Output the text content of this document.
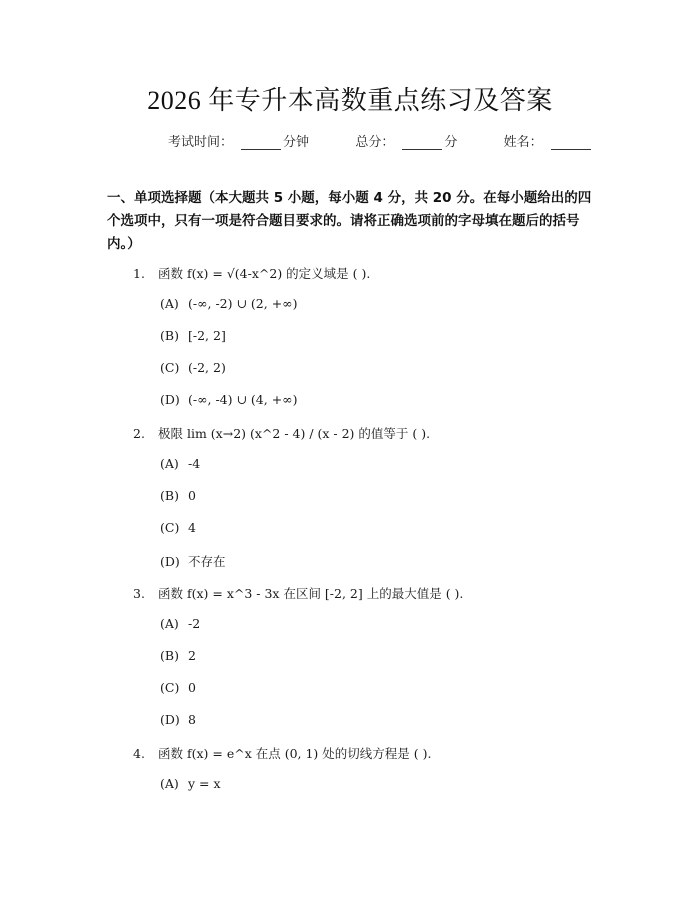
2026 年专升本高数重点练习及答案
考试时间：	分钟	总分：	分	姓名：
一、单项选择题（本大题共 5 小题，每小题 4 分，共 20 分。在每小题给出的四个选项中，只有一项是符合题目要求的。请将正确选项前的字母填在题后的括号内。）
1. 函数 f(x) = √(4-x^2) 的定义域是 ( ).
(A) (-∞, -2) ∪ (2, +∞)
(B) [-2, 2]
(C) (-2, 2)
(D) (-∞, -4) ∪ (4, +∞)
2. 极限 lim (x→2) (x^2 - 4) / (x - 2) 的值等于 ( ).
(A) -4
(B) 0
(C) 4
(D) 不存在
3. 函数 f(x) = x^3 - 3x 在区间 [-2, 2] 上的最大值是 ( ).
(A) -2
(B) 2
(C) 0
(D) 8
4. 函数 f(x) = e^x 在点 (0, 1) 处的切线方程是 ( ).
(A) y = x
